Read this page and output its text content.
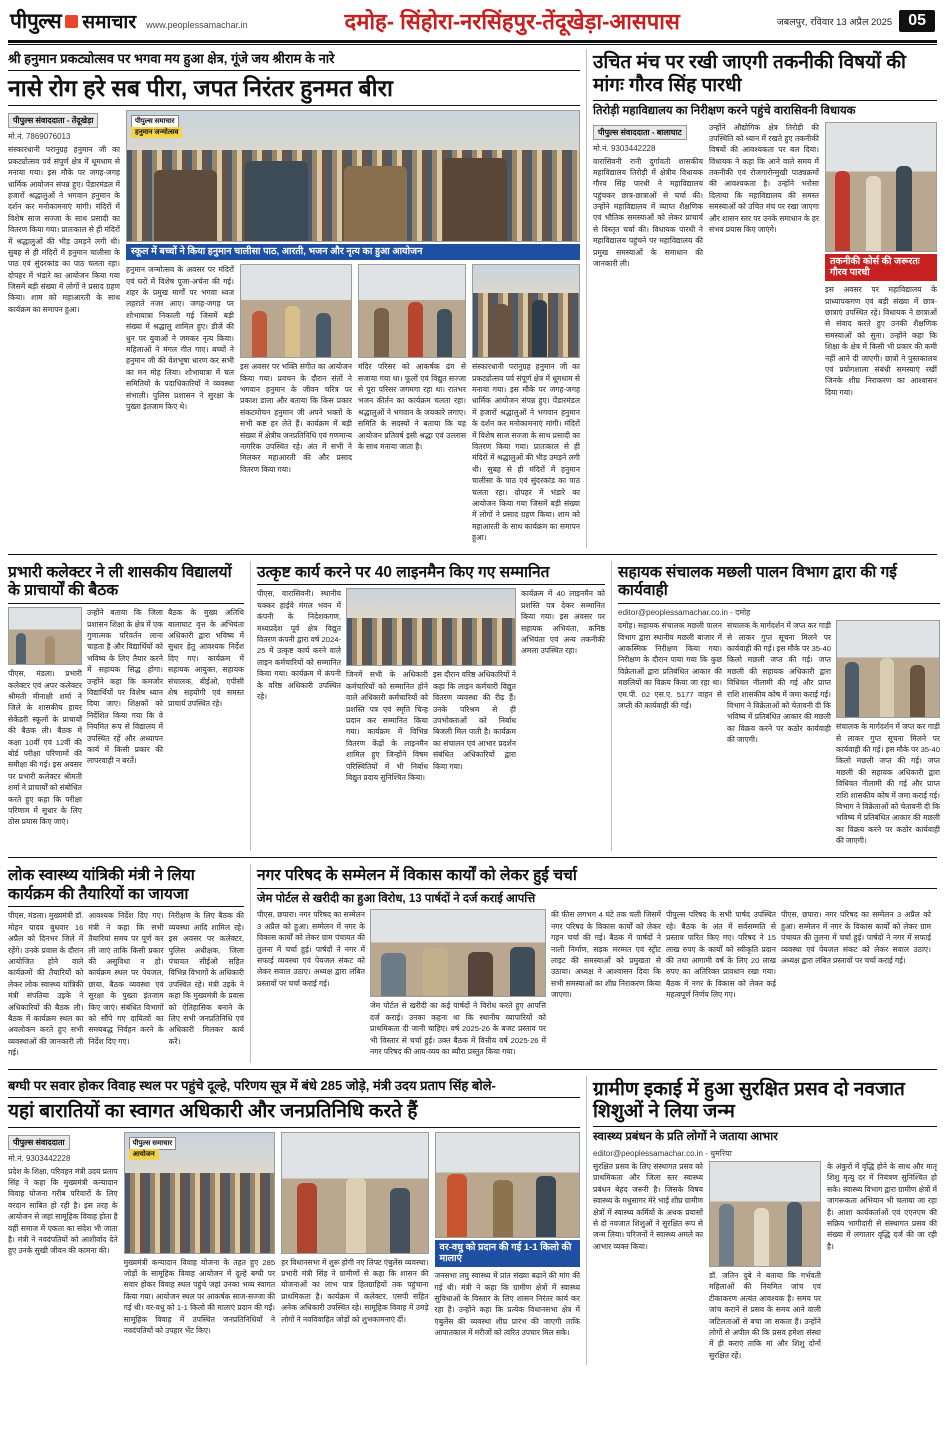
पीपुल्स समाचार www.peoplessamachar.in	दमोह- सिंहोरा-नरसिंहपुर-तेंदूखेड़ा-आसपास	जबलपुर, रविवार 13 अप्रैल 2025	05
श्री हनुमान प्रकट्योत्सव पर भगवा मय हुआ क्षेत्र, गूंजे जय श्रीराम के नारे
नासे रोग हरे सब पीरा, जपत निरंतर हुनमत बीरा
पीपुल्स संवाददाता - तेंदूखेड़ा
मो.नं. 7869076013

संस्कारधानी परानुग्रह हनुमान जी का प्रकट्योत्सव पर्व संपूर्ण क्षेत्र में धूमधाम से मनाया गया। इस मौके पर जगह-जगह धार्मिक आयोजन संपन्न हुए। पेंडारमंडल में हजारों श्रद्धालुओं ने भगवान हनुमान के दर्शन कर मनोकामनाएं मांगी। मंदिरों में विशेष साज सज्जा के साथ प्रसादी का वितरण किया गया। प्रातःकाल से ही मंदिरों में श्रद्धालुओं की भीड़ उमड़ने लगी थी। सुबह से ही मंदिरों में हनुमान चालीसा के पाठ एवं सुंदरकांड का पाठ चलता रहा। दोपहर में भंडारे का आयोजन किया गया जिसमें बड़ी संख्या में लोगों ने प्रसाद ग्रहण किया। शाम को महाआरती के साथ कार्यक्रम का समापन हुआ।

पीपुल्स समाचार
हनुमान जन्मोत्सव
स्कूल में बच्चों ने किया हनुमान चालीसा पाठ, आरती, भजन और नृत्य का हुआ आयोजन

हनुमान जन्मोत्सव के अवसर पर मंदिरों एवं घरों में विशेष पूजा-अर्चना की गई। शहर के प्रमुख मार्गों पर भगवा ध्वज लहराते नजर आए। जगह-जगह पर शोभायात्रा निकाली गई जिसमें बड़ी संख्या में श्रद्धालु शामिल हुए। डीजे की धुन पर युवाओं ने जमकर नृत्य किया। महिलाओं ने मंगल गीत गाए। बच्चों ने हनुमान जी की वेशभूषा धारण कर सभी का मन मोह लिया। शोभायात्रा में चल समितियों के पदाधिकारियों ने व्यवस्था संभाली। पुलिस प्रशासन ने सुरक्षा के पुख्ता इंतजाम किए थे।

इस अवसर पर भक्ति संगीत का आयोजन किया गया। प्रवचन के दौरान संतों ने भगवान हनुमान के जीवन चरित्र पर प्रकाश डाला और बताया कि किस प्रकार संकटमोचन हनुमान जी अपने भक्तों के सभी कष्ट हर लेते हैं। कार्यक्रम में बड़ी संख्या में क्षेत्रीय जनप्रतिनिधि एवं गणमान्य नागरिक उपस्थित रहे। अंत में सभी ने मिलकर महाआरती की और प्रसाद वितरण किया गया।

मंदिर परिसर को आकर्षक ढंग से सजाया गया था। फूलों एवं विद्युत सज्जा से पूरा परिसर जगमगा रहा था। रातभर भजन कीर्तन का कार्यक्रम चलता रहा। श्रद्धालुओं ने भगवान के जयकारे लगाए। समिति के सदस्यों ने बताया कि यह आयोजन प्रतिवर्ष इसी श्रद्धा एवं उल्लास के साथ मनाया जाता है।

संस्कारधानी परानुग्रह हनुमान जी का प्रकट्योत्सव पर्व संपूर्ण क्षेत्र में धूमधाम से मनाया गया। इस मौके पर जगह-जगह धार्मिक आयोजन संपन्न हुए। पेंडारमंडल में हजारों श्रद्धालुओं ने भगवान हनुमान के दर्शन कर मनोकामनाएं मांगी। मंदिरों में विशेष साज सज्जा के साथ प्रसादी का वितरण किया गया। प्रातःकाल से ही मंदिरों में श्रद्धालुओं की भीड़ उमड़ने लगी थी। सुबह से ही मंदिरों में हनुमान चालीसा के पाठ एवं सुंदरकांड का पाठ चलता रहा। दोपहर में भंडारे का आयोजन किया गया जिसमें बड़ी संख्या में लोगों ने प्रसाद ग्रहण किया। शाम को महाआरती के साथ कार्यक्रम का समापन हुआ।

उचित मंच पर रखी जाएगी तकनीकी विषयों की मांगः गौरव सिंह पारधी
तिरोड़ी महाविद्यालय का निरीक्षण करने पहुंचे वारासिवनी विधायक
पीपुल्स संवाददाता - बालाघाट
मो.नं. 9303442228

वारासिवनी रानी दुर्गावती शासकीय महाविद्यालय तिरोड़ी में क्षेत्रीय विधायक गौरव सिंह पारधी ने महाविद्यालय पहुंचकर छात्र-छात्राओं से चर्चा की। उन्होंने महाविद्यालय में व्याप्त शैक्षणिक एवं भौतिक समस्याओं को लेकर प्राचार्य से विस्तृत चर्चा की। विधायक पारधी ने महाविद्यालय पहुंचने पर महाविद्यालय की प्रमुख समस्याओं के समाधान की जानकारी ली।

उन्होंने औद्योगिक क्षेत्र तिरोड़ी की उपस्थिति को ध्यान में रखते हुए तकनीकी विषयों की आवश्यकता पर बल दिया। विधायक ने कहा कि आने वाले समय में तकनीकी एवं रोजगारोन्मुखी पाठ्यक्रमों की आवश्यकता है। उन्होंने भरोसा दिलाया कि महाविद्यालय की समस्त समस्याओं को उचित मंच पर रखा जाएगा और शासन स्तर पर उनके समाधान के हर संभव प्रयास किए जाएंगे।

तकनीकी कोर्स की जरूरतः गौरव पारधी

इस अवसर पर महाविद्यालय के प्राध्यापकगण एवं बड़ी संख्या में छात्र-छात्राएं उपस्थित रहे। विधायक ने छात्राओं से संवाद करते हुए उनकी शैक्षणिक समस्याओं को सुना। उन्होंने कहा कि शिक्षा के क्षेत्र में किसी भी प्रकार की कमी नहीं आने दी जाएगी। छात्रों ने पुस्तकालय एवं प्रयोगशाला संबंधी समस्याएं रखीं जिनके शीघ्र निराकरण का आश्वासन दिया गया।

प्रभारी कलेक्टर ने ली शासकीय विद्यालयों के प्राचार्यों की बैठक

पीएस, मंडला। प्रभारी कलेक्टर एवं अपर कलेक्टर श्रीमती मीनाक्षी शर्मा ने जिले के शासकीय हायर सेकेंडरी स्कूलों के प्राचार्यों की बैठक ली। बैठक में कक्षा 10वीं एवं 12वीं की बोर्ड परीक्षा परिणामों की समीक्षा की गई। इस अवसर पर प्रभारी कलेक्टर श्रीमती शर्मा ने प्राचार्यों को संबोधित करते हुए कहा कि परीक्षा परिणाम में सुधार के लिए ठोस प्रयास किए जाएं।

उन्होंने बताया कि जिला प्रशासन शिक्षा के क्षेत्र में एक गुणात्मक परिवर्तन लाना चाहता है और विद्यार्थियों को भविष्य के लिए तैयार करने में सहायक सिद्ध होगा। उन्होंने कहा कि कमजोर विद्यार्थियों पर विशेष ध्यान दिया जाए। शिक्षकों को निर्देशित किया गया कि वे नियमित रूप से विद्यालय में उपस्थित रहें और अध्यापन कार्य में किसी प्रकार की लापरवाही न बरतें।

बैठक के मुख्य अतिथि बालाघाट वृत्त के अभियंता अधिकारी द्वारा भविष्य में सुधार हेतु आवश्यक निर्देश दिए गए। कार्यक्रम में सहायक आयुक्त, सहायक संचालक, बीईओ, एपीसी शेष सहयोगी एवं समस्त प्राचार्य उपस्थित रहे।

उत्कृष्ट कार्य करने पर 40 लाइनमैन किए गए सम्मानित

पीएस, वारासिवनी। स्थानीय चक्कर हाईवे मंगल भवन में कंपनी के निदेशकगण, मध्यप्रदेश पूर्व क्षेत्र विद्युत वितरण कंपनी द्वारा वर्ष 2024-25 में उत्कृष्ट कार्य करने वाले लाइन कर्मचारियों को सम्मानित किया गया। कार्यक्रम में कंपनी के वरिष्ठ अधिकारी उपस्थित रहे।

जिनमें सभी के अधिकारी कर्मचारियों को सम्मानित होने वाले अधिकारी कर्मचारियों को प्रशस्ति पत्र एवं स्मृति चिन्ह प्रदान कर सम्मानित किया गया। कार्यक्रम में विभिन्न वितरण केंद्रों के लाइनमैन शामिल हुए जिन्होंने विषम परिस्थितियों में भी निर्बाध विद्युत प्रदाय सुनिश्चित किया।

इस दौरान वरिष्ठ अधिकारियों ने कहा कि लाइन कर्मचारी विद्युत वितरण व्यवस्था की रीढ़ हैं। उनके परिश्रम से ही उपभोक्ताओं को निर्बाध बिजली मिल पाती है। कार्यक्रम का संचालन एवं आभार प्रदर्शन संबंधित अधिकारियों द्वारा किया गया।

कार्यक्रम में 40 लाइनमैन को प्रशस्ति पत्र देकर सम्मानित किया गया। इस अवसर पर सहायक अभियंता, कनिष्ठ अभियंता एवं अन्य तकनीकी अमला उपस्थित रहा।

सहायक संचालक मछली पालन विभाग द्वारा की गई कार्यवाही
editor@peoplessamachar.co.in - दमोह

दमोह। सहायक संचालक मछली पालन विभाग द्वारा स्थानीय मछली बाजार में आकस्मिक निरीक्षण किया गया। निरीक्षण के दौरान पाया गया कि कुछ विक्रेताओं द्वारा प्रतिबंधित आकार की मछलियों का विक्रय किया जा रहा था। एम.पी. 02 एस.ए. 5177 वाहन से जप्ती की कार्यवाही की गई।

संचालक के मार्गदर्शन में जप्त कर गाड़ी से लाकर गुप्त सूचना मिलने पर कार्यवाही की गई। इस मौके पर 35-40 किलो मछली जप्त की गई। जप्त मछली की सहायक अधिकारी द्वारा विधिवत नीलामी की गई और प्राप्त राशि शासकीय कोष में जमा कराई गई। विभाग ने विक्रेताओं को चेतावनी दी कि भविष्य में प्रतिबंधित आकार की मछली का विक्रय करने पर कठोर कार्यवाही की जाएगी।

संचालक के मार्गदर्शन में जप्त कर गाड़ी से लाकर गुप्त सूचना मिलने पर कार्यवाही की गई। इस मौके पर 35-40 किलो मछली जप्त की गई। जप्त मछली की सहायक अधिकारी द्वारा विधिवत नीलामी की गई और प्राप्त राशि शासकीय कोष में जमा कराई गई। विभाग ने विक्रेताओं को चेतावनी दी कि भविष्य में प्रतिबंधित आकार की मछली का विक्रय करने पर कठोर कार्यवाही की जाएगी।

लोक स्वास्थ्य यांत्रिकी मंत्री ने लिया कार्यक्रम की तैयारियों का जायजा

पीएस, मंडला। मुख्यमंत्री डॉ. मोहन यादव बुधवार 16 अप्रैल को दिनभर जिले में रहेंगे। उनके प्रवास के दौरान आयोजित होने वाले कार्यक्रमों की तैयारियों को लेकर लोक स्वास्थ्य यांत्रिकी मंत्री संपतिया उइके ने अधिकारियों की बैठक ली। बैठक में कार्यक्रम स्थल का अवलोकन करते हुए सभी व्यवस्थाओं की जानकारी ली गई।

आवश्यक निर्देश दिए गए। मंत्री ने कहा कि सभी तैयारियां समय पर पूर्ण कर ली जाएं ताकि किसी प्रकार की असुविधा न हो। कार्यक्रम स्थल पर पेयजल, छाया, बैठक व्यवस्था एवं सुरक्षा के पुख्ता इंतजाम किए जाएं। संबंधित विभागों को सौंपे गए दायित्वों का समयबद्ध निर्वहन करने के निर्देश दिए गए।

निरीक्षण के लिए बैठक की व्यवस्था आदि शामिल रहे। इस अवसर पर कलेक्टर, पुलिस अधीक्षक, जिला पंचायत सीईओ सहित विभिन्न विभागों के अधिकारी उपस्थित रहे। मंत्री उइके ने कहा कि मुख्यमंत्री के प्रवास को ऐतिहासिक बनाने के लिए सभी जनप्रतिनिधि एवं अधिकारी मिलकर कार्य करें।

नगर परिषद के सम्मेलन में विकास कार्यों को लेकर हुई चर्चा
जेम पोर्टल से खरीदी का हुआ विरोध, 13 पार्षदों ने दर्ज कराई आपत्ति

पीएस, छपारा। नगर परिषद का सम्मेलन 3 अप्रैल को हुआ। सम्मेलन में नगर के विकास कार्यों को लेकर ग्राम पंचायत की तुलना में चर्चा हुई। पार्षदों ने नगर में सफाई व्यवस्था एवं पेयजल संकट को लेकर सवाल उठाए। अध्यक्ष द्वारा लंबित प्रस्तावों पर चर्चा कराई गई।

जेम पोर्टल से खरीदी का कई पार्षदों ने विरोध करते हुए आपत्ति दर्ज कराई। उनका कहना था कि स्थानीय व्यापारियों को प्राथमिकता दी जानी चाहिए। वर्ष 2025-26 के बजट प्रस्ताव पर भी विस्तार से चर्चा हुई। उक्त बैठक में वित्तीय वर्ष 2025-26 में नगर परिषद की आय-व्यय का ब्यौरा प्रस्तुत किया गया।

की फीस लगभग 4 घंटे तक चली जिसमें नगर परिषद के विकास कार्यों को लेकर गहन चर्चा की गई। बैठक में पार्षदों ने नाली निर्माण, सड़क मरम्मत एवं स्ट्रीट लाइट की समस्याओं को प्रमुखता से उठाया। अध्यक्ष ने आश्वासन दिया कि सभी समस्याओं का शीघ्र निराकरण किया जाएगा।

पीपुल्स परिषद के सभी पार्षद उपस्थित रहे। बैठक के अंत में सर्वसम्मति से प्रस्ताव पारित किए गए। परिषद ने 15 लाख रुपए के कार्यों को स्वीकृति प्रदान की तथा आगामी वर्ष के लिए 20 लाख रुपए का अतिरिक्त प्रावधान रखा गया। बैठक में नगर के विकास को लेकर कई महत्वपूर्ण निर्णय लिए गए।

पीएस, छपारा। नगर परिषद का सम्मेलन 3 अप्रैल को हुआ। सम्मेलन में नगर के विकास कार्यों को लेकर ग्राम पंचायत की तुलना में चर्चा हुई। पार्षदों ने नगर में सफाई व्यवस्था एवं पेयजल संकट को लेकर सवाल उठाए। अध्यक्ष द्वारा लंबित प्रस्तावों पर चर्चा कराई गई।

बग्घी पर सवार होकर विवाह स्थल पर पहुंचे दूल्हे, परिणय सूत्र में बंधे 285 जोड़े, मंत्री उदय प्रताप सिंह बोले-
यहां बारातियों का स्वागत अधिकारी और जनप्रतिनिधि करते हैं
पीपुल्स संवाददाता
मो.नं. 9303442228

प्रदेश के शिक्षा, परिवहन मंत्री उदय प्रताप सिंह ने कहा कि मुख्यमंत्री कन्यादान विवाह योजना गरीब परिवारों के लिए वरदान साबित हो रही है। इस तरह के आयोजन से जहां सामूहिक विवाह होता है वहीं समाज में एकता का संदेश भी जाता है। मंत्री ने नवदंपतियों को आशीर्वाद देते हुए उनके सुखी जीवन की कामना की।

पीपुल्स समाचार
आयोजन

मुख्यमंत्री कन्यादान विवाह योजना के तहत हुए 285 जोड़ों के सामूहिक विवाह आयोजन में दूल्हे बग्घी पर सवार होकर विवाह स्थल पहुंचे जहां उनका भव्य स्वागत किया गया। आयोजन स्थल पर आकर्षक साज-सज्जा की गई थी। वर-वधु को 1-1 किलो की मालाएं प्रदान की गईं। सामूहिक विवाह में उपस्थित जनप्रतिनिधियों ने नवदंपतियों को उपहार भेंट किए।

हर विधानसभा में शुरू होगी नए लिफ्ट एंबुलेंस व्यवस्था। प्रभारी मंत्री सिंह ने ग्रामीणों से कहा कि शासन की योजनाओं का लाभ पात्र हितग्राहियों तक पहुंचाना प्राथमिकता है। कार्यक्रम में कलेक्टर, एसपी सहित अनेक अधिकारी उपस्थित रहे। सामूहिक विवाह में उमड़े लोगों ने नवविवाहित जोड़ों को शुभकामनाएं दीं।

वर-वधु को प्रदान की गई 1-1 किलो की मालाएं

जनसभा लघु स्वास्थ्य में प्रांत संख्या बढ़ाने की मांग की गई थी। मंत्री ने कहा कि ग्रामीण क्षेत्रों में स्वास्थ्य सुविधाओं के विस्तार के लिए शासन निरंतर कार्य कर रहा है। उन्होंने कहा कि प्रत्येक विधानसभा क्षेत्र में एंबुलेंस की व्यवस्था शीघ्र प्रारंभ की जाएगी ताकि आपातकाल में मरीजों को त्वरित उपचार मिल सके।

ग्रामीण इकाई में हुआ सुरक्षित प्रसव दो नवजात शिशुओं ने लिया जन्म
स्वास्थ्य प्रबंधन के प्रति लोगों ने जताया आभार
editor@peoplessamachar.co.in - धुमरिया

सुरक्षित प्रसव के लिए संस्थागत प्रसव को प्राथमिकता और जिला स्तर स्वास्थ्य प्रबंधन बेहद जरूरी है। जिसके विषय स्वास्थ्य के मधुसागर मेरे भाई शीघ्र ग्रामीण क्षेत्रों में स्वास्थ्य कर्मियों के अथक प्रयासों से दो नवजात शिशुओं ने सुरक्षित रूप से जन्म लिया। परिजनों ने स्वास्थ्य अमले का आभार व्यक्त किया।

डॉ. जतिन दुबे ने बताया कि गर्भवती महिलाओं की नियमित जांच एवं टीकाकरण अत्यंत आवश्यक है। समय पर जांच कराने से प्रसव के समय आने वाली जटिलताओं से बचा जा सकता है। उन्होंने लोगों से अपील की कि प्रसव हमेशा संस्था में ही कराएं ताकि मां और शिशु दोनों सुरक्षित रहें।

के अंकुरों में वृद्धि होने के साथ और मातृ शिशु मृत्यु दर में नियंत्रण सुनिश्चित हो सके। स्वास्थ्य विभाग द्वारा ग्रामीण क्षेत्रों में जागरूकता अभियान भी चलाया जा रहा है। आशा कार्यकर्ताओं एवं एएनएम की सक्रिय भागीदारी से संस्थागत प्रसव की संख्या में लगातार वृद्धि दर्ज की जा रही है।
